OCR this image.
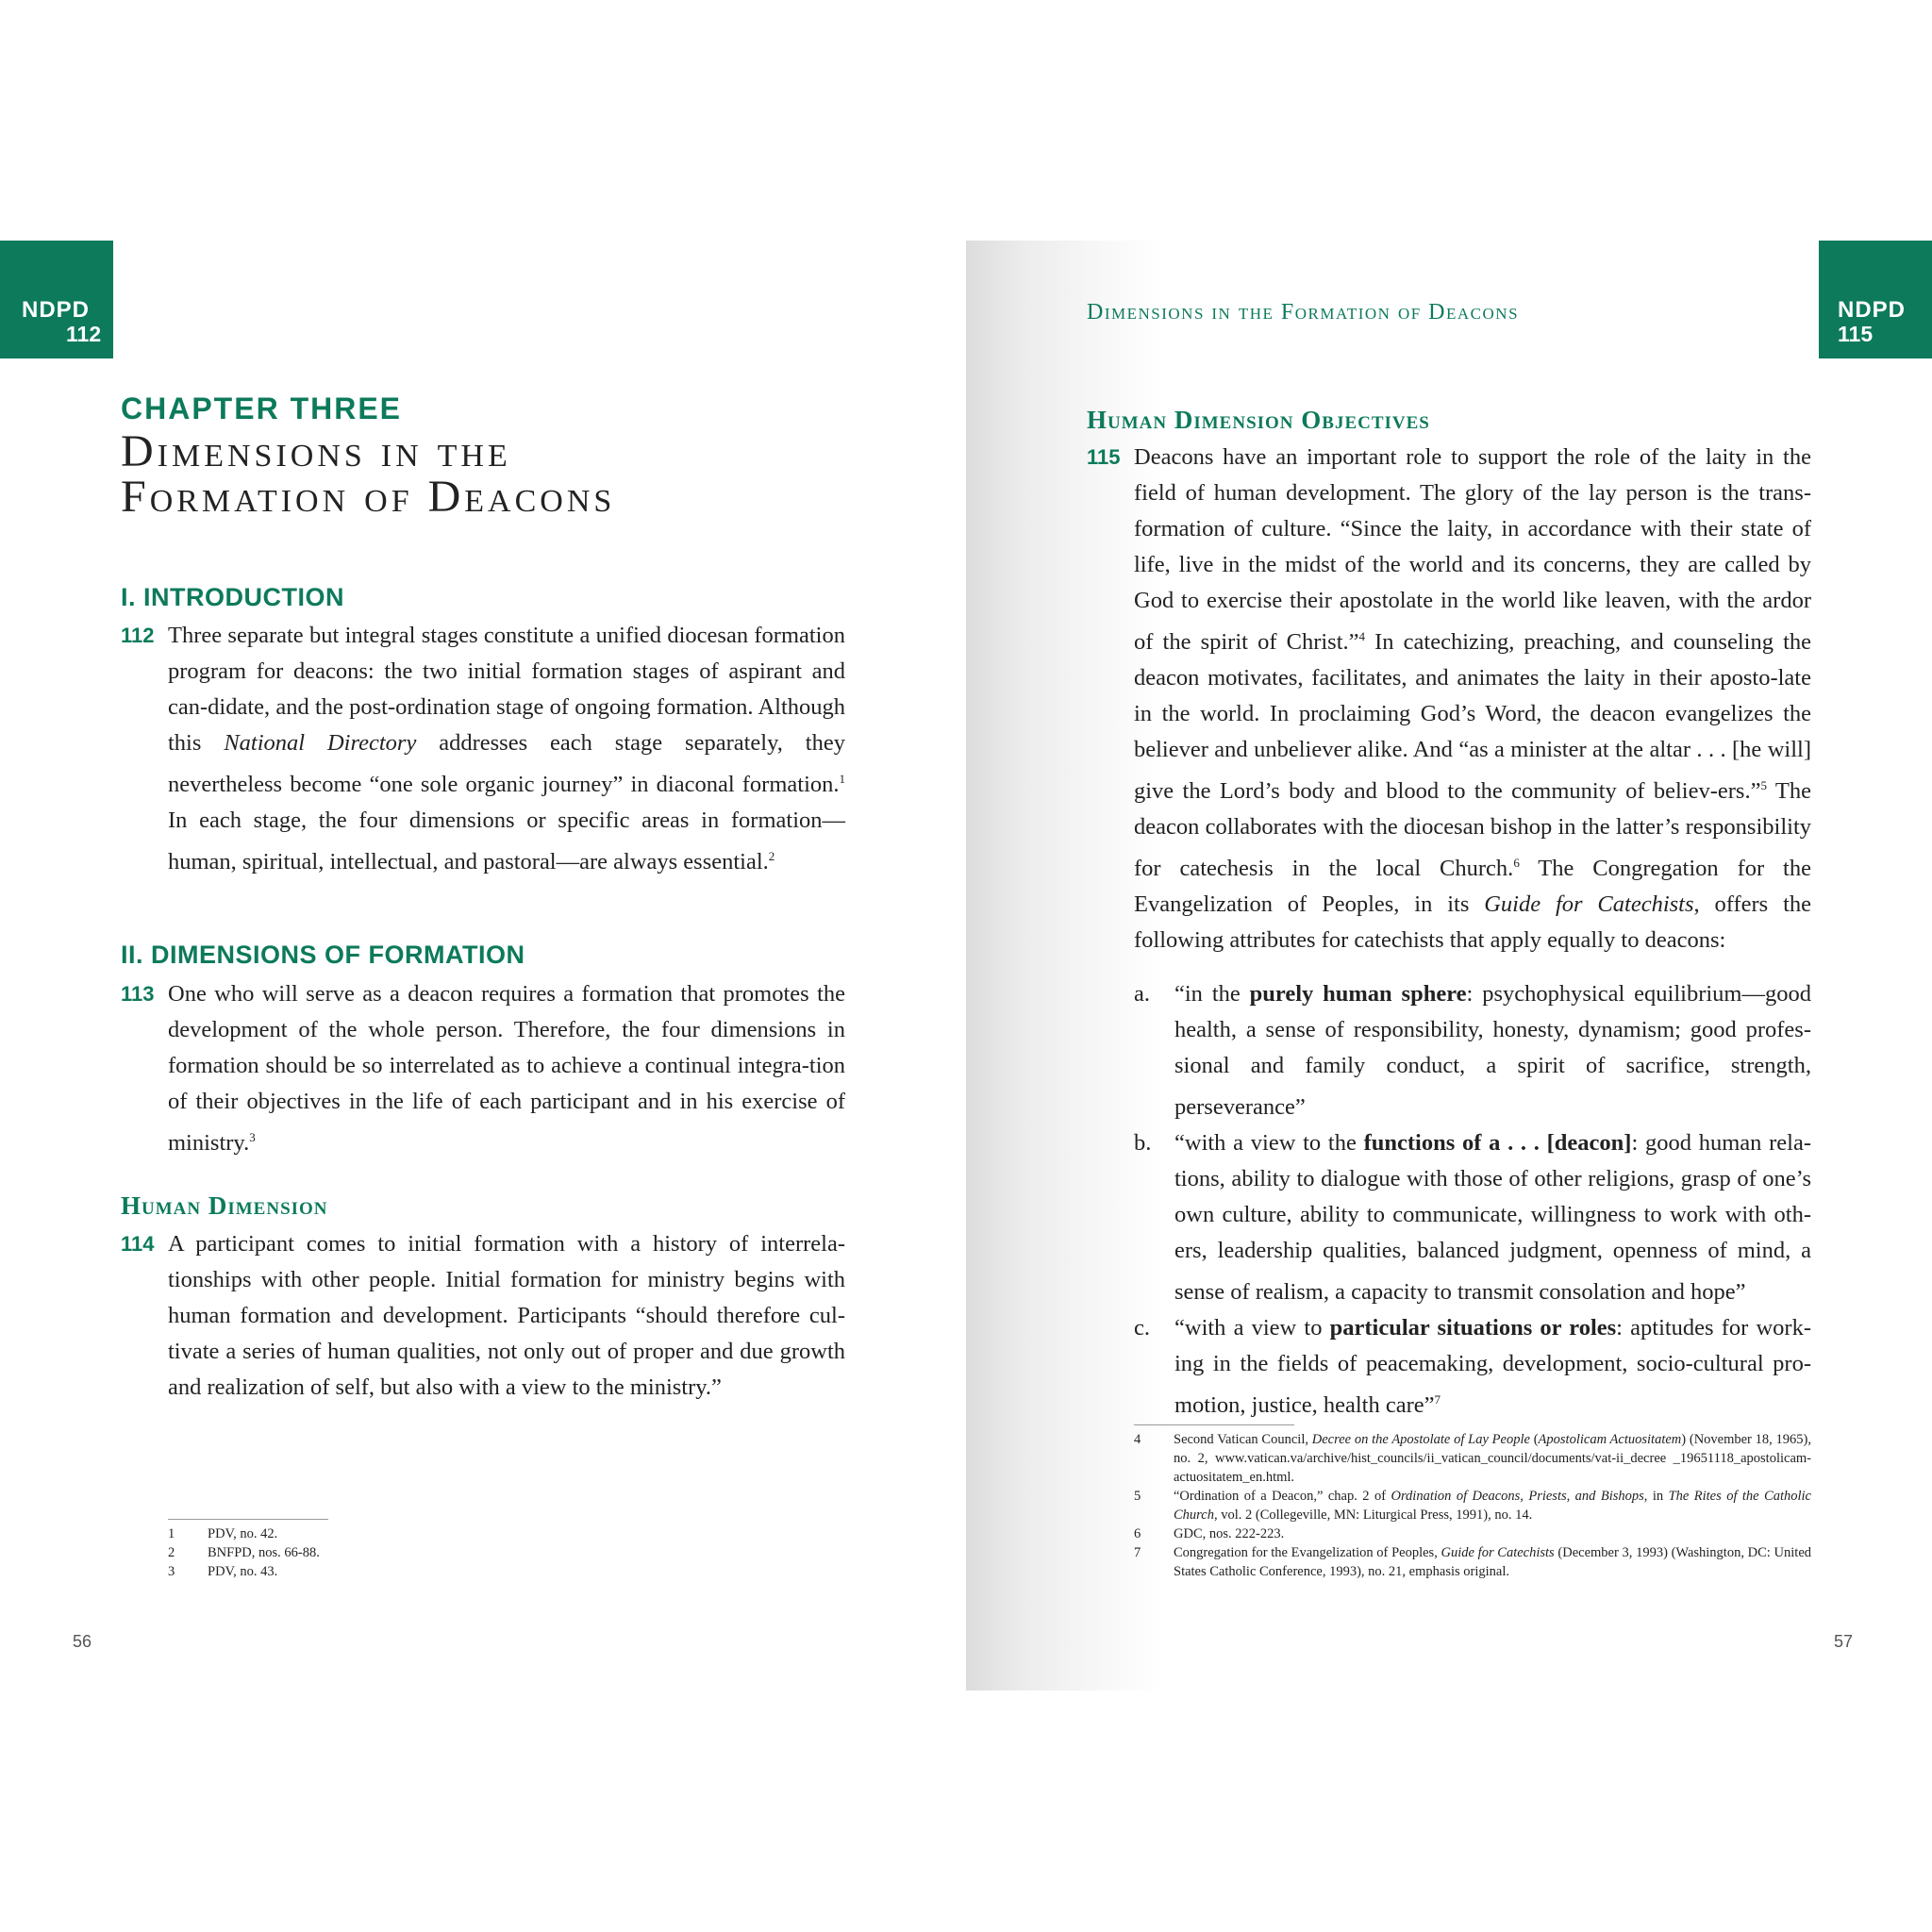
NDPD
112
CHAPTER THREE
Dimensions in the
Formation of Deacons
I. INTRODUCTION
112 Three separate but integral stages constitute a unified diocesan formation program for deacons: the two initial formation stages of aspirant and can-didate, and the post-ordination stage of ongoing formation. Although this National Directory addresses each stage separately, they nevertheless become “one sole organic journey” in diaconal formation.$^1$ In each stage, the four dimensions or specific areas in formation—human, spiritual, intellectual, and pastoral—are always essential.$^2$
II. DIMENSIONS OF FORMATION
113 One who will serve as a deacon requires a formation that promotes the development of the whole person. Therefore, the four dimensions in formation should be so interrelated as to achieve a continual integra-tion of their objectives in the life of each participant and in his exercise of ministry.$^3$
Human Dimension
114 A participant comes to initial formation with a history of interrela-tionships with other people. Initial formation for ministry begins with human formation and development. Participants “should therefore cul-tivate a series of human qualities, not only out of proper and due growth and realization of self, but also with a view to the ministry.”
1 PDV, no. 42.
2 BNFPD, nos. 66-88.
3 PDV, no. 43.
56
NDPD
115
Dimensions in the Formation of Deacons
Human Dimension Objectives
115 Deacons have an important role to support the role of the laity in the field of human development. The glory of the lay person is the trans-formation of culture. “Since the laity, in accordance with their state of life, live in the midst of the world and its concerns, they are called by God to exercise their apostolate in the world like leaven, with the ardor of the spirit of Christ.”$^4$ In catechizing, preaching, and counseling the deacon motivates, facilitates, and animates the laity in their aposto-late in the world. In proclaiming God’s Word, the deacon evangelizes the believer and unbeliever alike. And “as a minister at the altar . . . [he will] give the Lord’s body and blood to the community of believ-ers.”$^5$ The deacon collaborates with the diocesan bishop in the latter’s responsibility for catechesis in the local Church.$^6$ The Congregation for the Evangelization of Peoples, in its Guide for Catechists, offers the following attributes for catechists that apply equally to deacons:
a. “in the purely human sphere: psychophysical equilibrium—good health, a sense of responsibility, honesty, dynamism; good profes-sional and family conduct, a spirit of sacrifice, strength, perseverance”
b. “with a view to the functions of a . . . [deacon]: good human rela-tions, ability to dialogue with those of other religions, grasp of one’s own culture, ability to communicate, willingness to work with oth-ers, leadership qualities, balanced judgment, openness of mind, a sense of realism, a capacity to transmit consolation and hope”
c. “with a view to particular situations or roles: aptitudes for work-ing in the fields of peacemaking, development, socio-cultural pro-motion, justice, health care”$^7$
4 Second Vatican Council, Decree on the Apostolate of Lay People (Apostolicam Actuositatem) (November 18, 1965), no. 2, www.vatican.va/archive/hist_councils/ii_vatican_council/documents/vat-ii_decree _19651118_apostolicam-actuositatem_en.html.
5 “Ordination of a Deacon,” chap. 2 of Ordination of Deacons, Priests, and Bishops, in The Rites of the Catholic Church, vol. 2 (Collegeville, MN: Liturgical Press, 1991), no. 14.
6 GDC, nos. 222-223.
7 Congregation for the Evangelization of Peoples, Guide for Catechists (December 3, 1993) (Washington, DC: United States Catholic Conference, 1993), no. 21, emphasis original.
57
